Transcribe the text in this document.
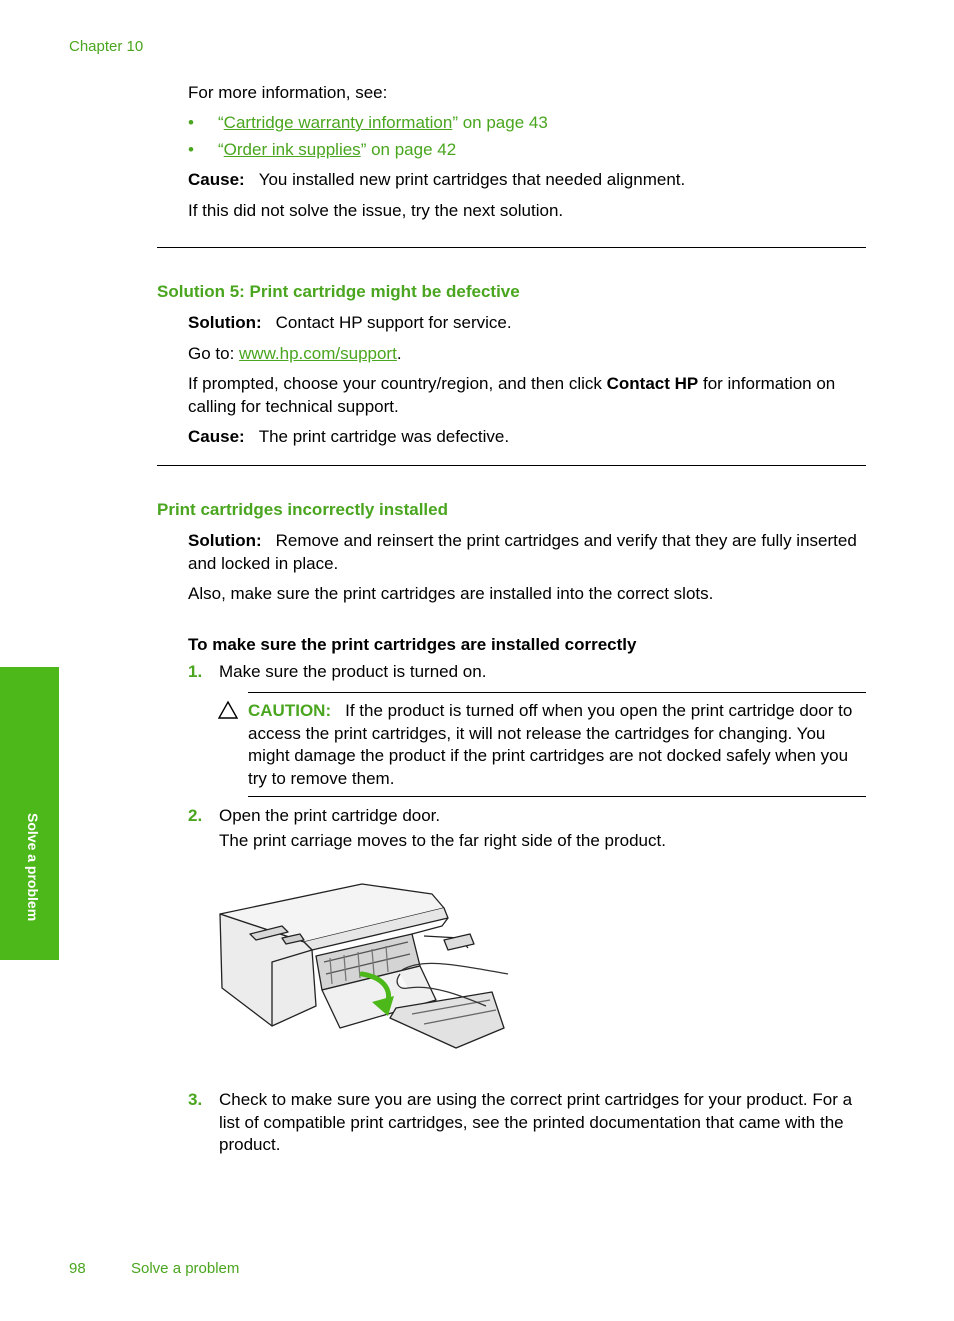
Chapter 10
For more information, see:
• “Cartridge warranty information” on page 43
• “Order ink supplies” on page 42
Cause: You installed new print cartridges that needed alignment.
If this did not solve the issue, try the next solution.
Solution 5: Print cartridge might be defective
Solution: Contact HP support for service.
Go to: www.hp.com/support.
If prompted, choose your country/region, and then click Contact HP for information on calling for technical support.
Cause: The print cartridge was defective.
Print cartridges incorrectly installed
Solution: Remove and reinsert the print cartridges and verify that they are fully inserted and locked in place.
Also, make sure the print cartridges are installed into the correct slots.
To make sure the print cartridges are installed correctly
1. Make sure the product is turned on.
CAUTION: If the product is turned off when you open the print cartridge door to access the print cartridges, it will not release the cartridges for changing. You might damage the product if the print cartridges are not docked safely when you try to remove them.
2. Open the print cartridge door.
The print carriage moves to the far right side of the product.
3. Check to make sure you are using the correct print cartridges for your product. For a list of compatible print cartridges, see the printed documentation that came with the product.
Solve a problem
98	Solve a problem
